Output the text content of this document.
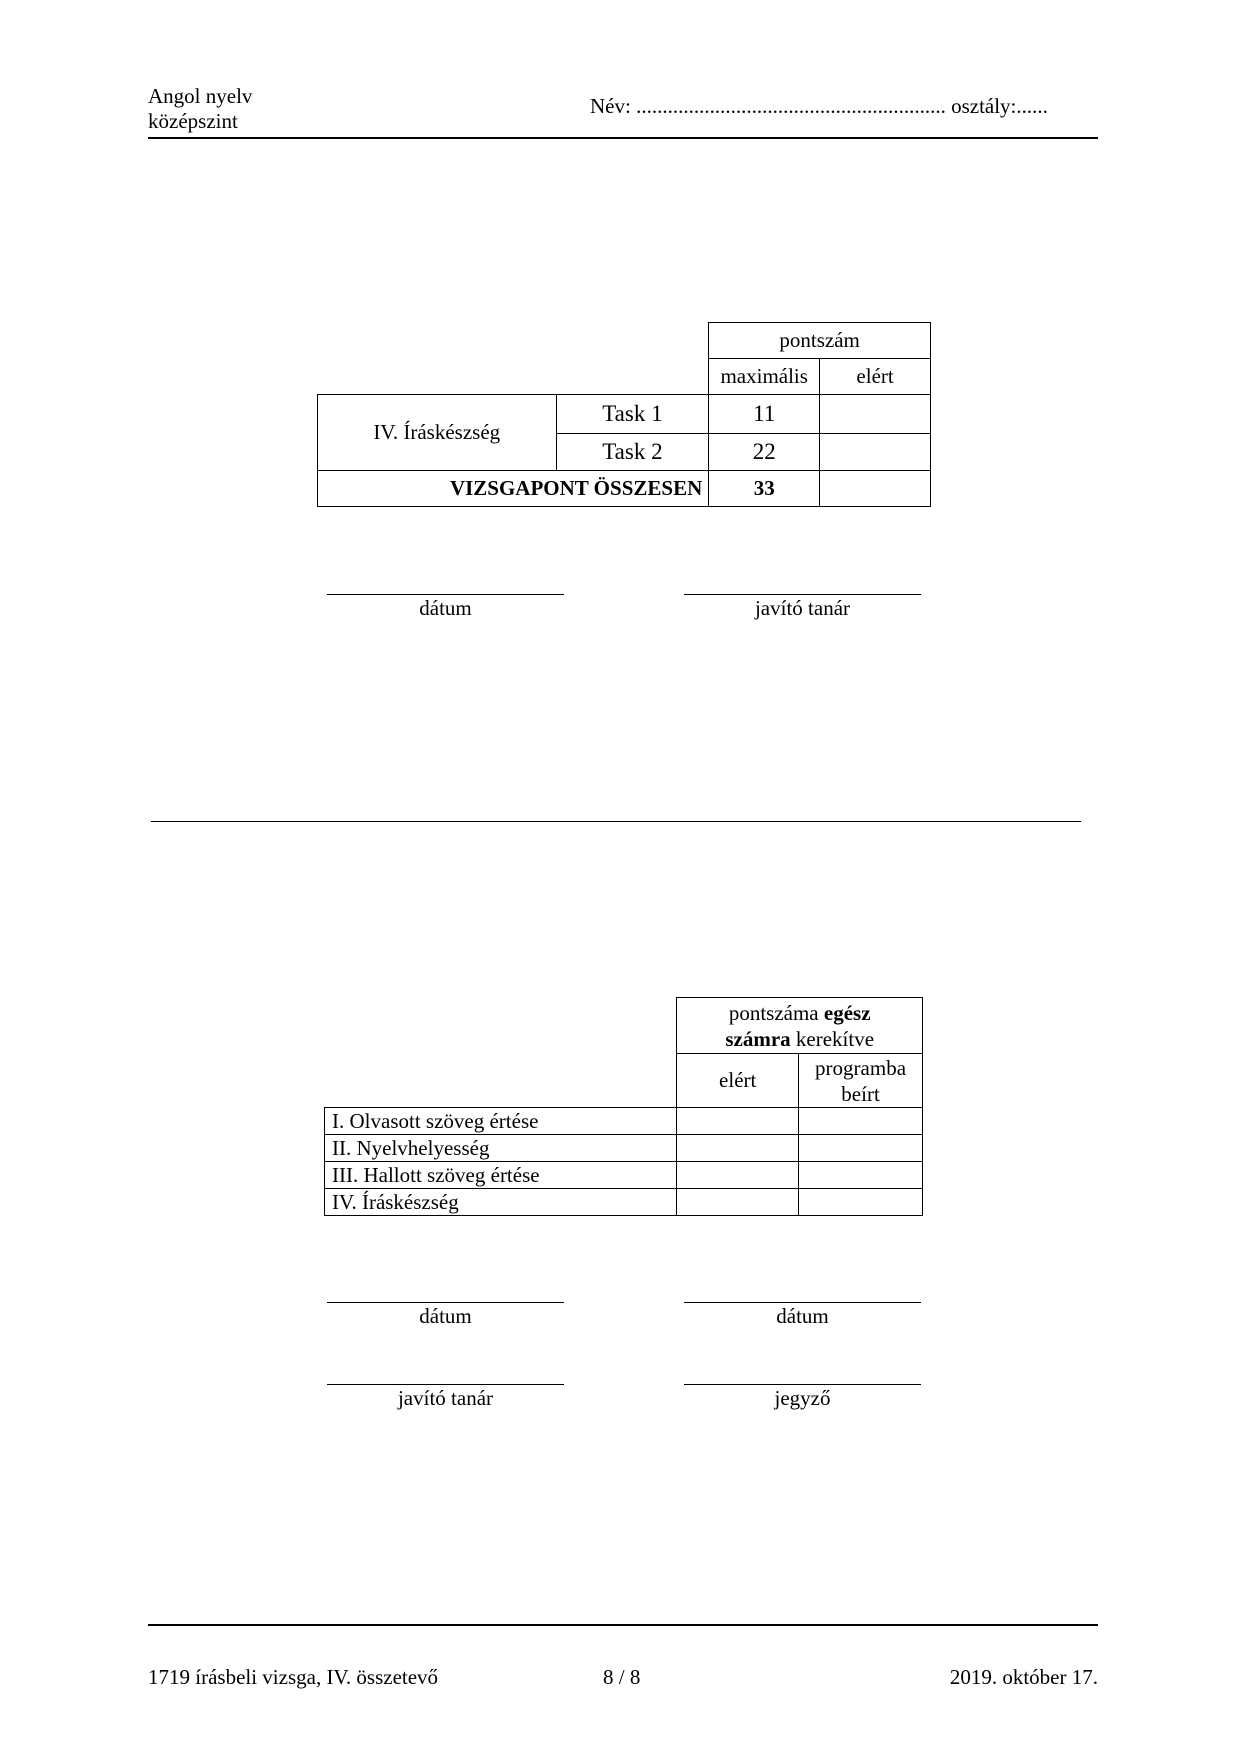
Angol nyelv
középszint
Név: ........................................................... osztály:......
		pontszám	
		maximális	elért
IV. Íráskészség	Task 1	11	
	Task 2	22	
VIZSGAPONT ÖSSZESEN		33	
dátum	javító tanár
	pontszáma egész
számra kerekítve	
	elért	programba
beírt
I. Olvasott szöveg értése		
II. Nyelvhelyesség		
III. Hallott szöveg értése		
IV. Íráskészség		
dátum	dátum
javító tanár	jegyző
1719 írásbeli vizsga, IV. összetevő	8 / 8	2019. október 17.
